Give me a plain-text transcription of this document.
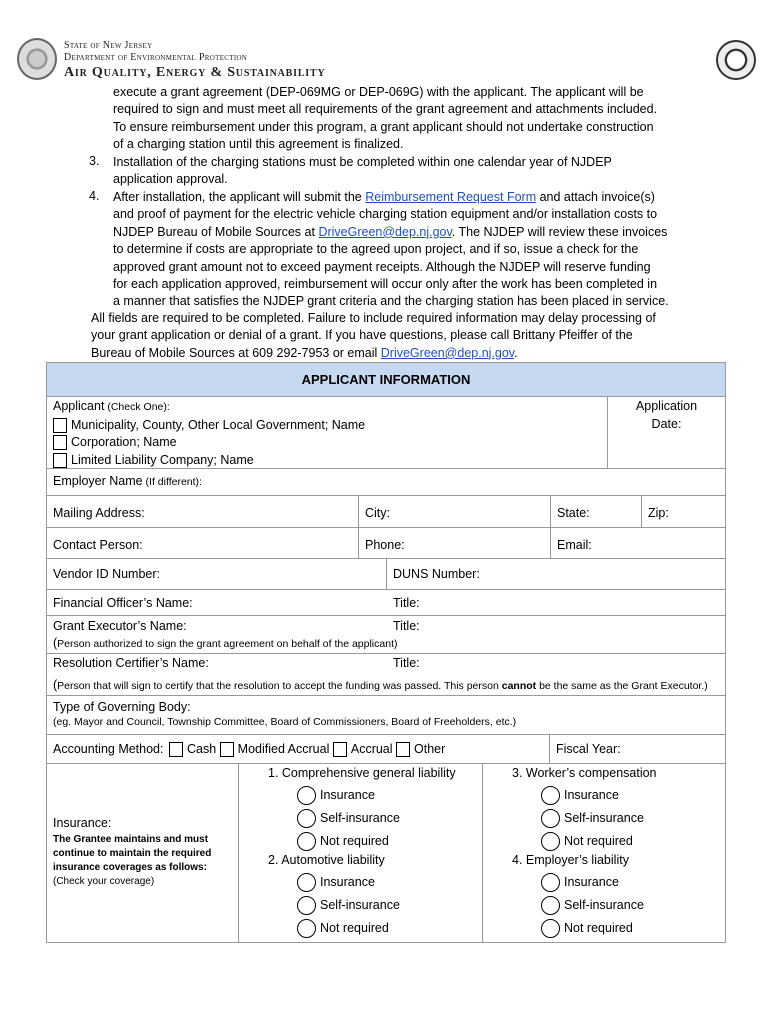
State of New Jersey
Department of Environmental Protection
Air Quality, Energy & Sustainability
execute a grant agreement (DEP-069MG or DEP-069G) with the applicant. The applicant will be
required to sign and must meet all requirements of the grant agreement and attachments included.
To ensure reimbursement under this program, a grant applicant should not undertake construction
of a charging station until this agreement is finalized.
3. Installation of the charging stations must be completed within one calendar year of NJDEP
application approval.
4. After installation, the applicant will submit the Reimbursement Request Form and attach invoice(s)
and proof of payment for the electric vehicle charging station equipment and/or installation costs to
NJDEP Bureau of Mobile Sources at DriveGreen@dep.nj.gov. The NJDEP will review these invoices
to determine if costs are appropriate to the agreed upon project, and if so, issue a check for the
approved grant amount not to exceed payment receipts. Although the NJDEP will reserve funding
for each application approved, reimbursement will occur only after the work has been completed in
a manner that satisfies the NJDEP grant criteria and the charging station has been placed in service.
All fields are required to be completed. Failure to include required information may delay processing of
your grant application or denial of a grant. If you have questions, please call Brittany Pfeiffer of the
Bureau of Mobile Sources at 609 292-7953 or email DriveGreen@dep.nj.gov.
APPLICANT INFORMATION
Applicant (Check One):
Municipality, County, Other Local Government; Name
Corporation; Name
Limited Liability Company; Name
Application
Date:
Employer Name (If different):
Mailing Address:	City:	State:	Zip:
Contact Person:	Phone:	Email:
Vendor ID Number:	DUNS Number:
Financial Officer’s Name:	Title:
Grant Executor’s Name:	Title:
(Person authorized to sign the grant agreement on behalf of the applicant)
Resolution Certifier’s Name:	Title:
(Person that will sign to certify that the resolution to accept the funding was passed. This person cannot be the same as the Grant Executor.)
Type of Governing Body:
(eg. Mayor and Council, Township Committee, Board of Commissioners, Board of Freeholders, etc.)
Accounting Method: Cash Modified Accrual Accrual Other	Fiscal Year:
Insurance:
The Grantee maintains and must
continue to maintain the required
insurance coverages as follows:
(Check your coverage)
1. Comprehensive general liability
Insurance
Self-insurance
Not required
2. Automotive liability
Insurance
Self-insurance
Not required
3. Worker’s compensation
Insurance
Self-insurance
Not required
4. Employer’s liability
Insurance
Self-insurance
Not required
